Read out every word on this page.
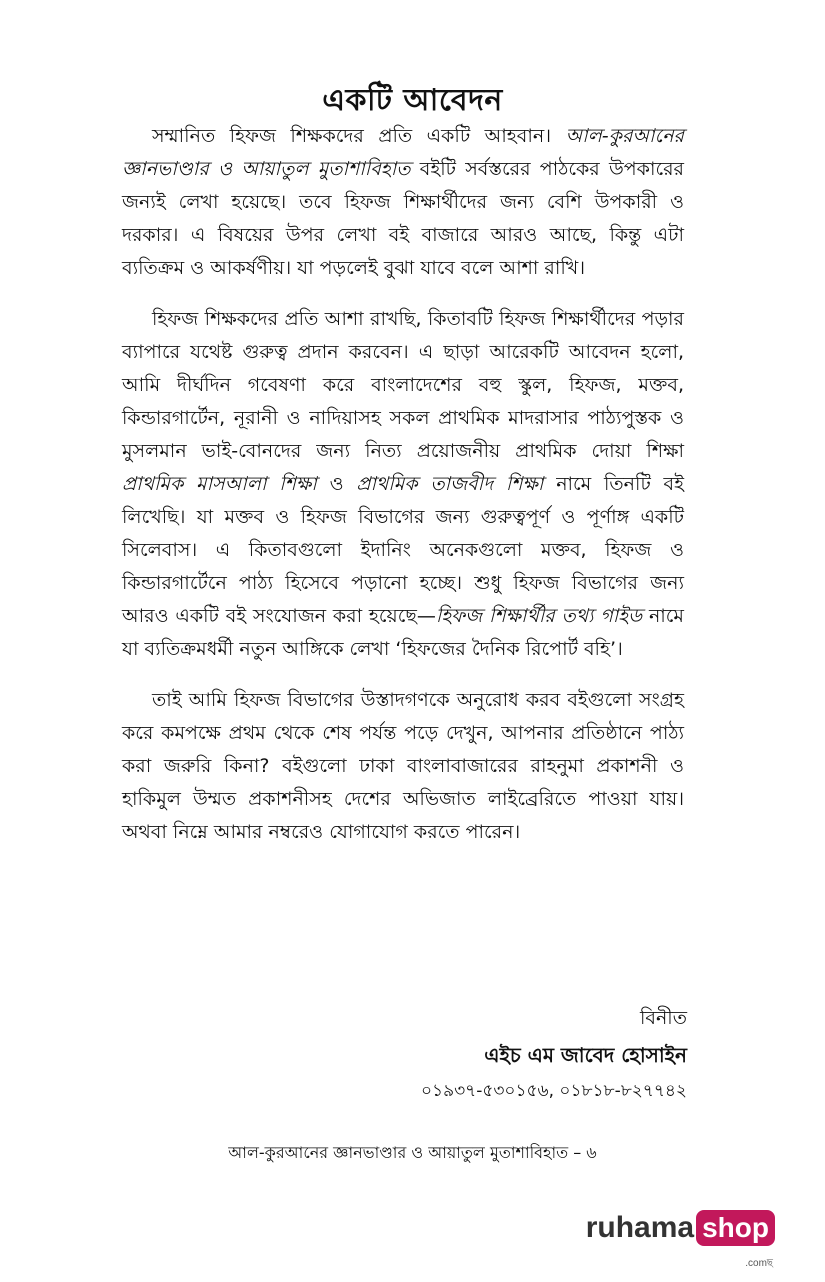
একটি আবেদন

সম্মানিত হিফজ শিক্ষকদের প্রতি একটি আহবান। আল-কুরআনের জ্ঞানভাণ্ডার ও আয়াতুল মুতাশাবিহাত বইটি সর্বস্তরের পাঠকের উপকারের জন্যই লেখা হয়েছে। তবে হিফজ শিক্ষার্থীদের জন্য বেশি উপকারী ও দরকার। এ বিষয়ের উপর লেখা বই বাজারে আরও আছে, কিন্তু এটা ব্যতিক্রম ও আকর্ষণীয়। যা পড়লেই বুঝা যাবে বলে আশা রাখি।

হিফজ শিক্ষকদের প্রতি আশা রাখছি, কিতাবটি হিফজ শিক্ষার্থীদের পড়ার ব্যাপারে যথেষ্ট গুরুত্ব প্রদান করবেন। এ ছাড়া আরেকটি আবেদন হলো, আমি দীর্ঘদিন গবেষণা করে বাংলাদেশের বহু স্কুল, হিফজ, মক্তব, কিন্ডারগার্টেন, নূরানী ও নাদিয়াসহ সকল প্রাথমিক মাদরাসার পাঠ্যপুস্তক ও মুসলমান ভাই-বোনদের জন্য নিত্য প্রয়োজনীয় প্রাথমিক দোয়া শিক্ষা প্রাথমিক মাসআলা শিক্ষা ও প্রাথমিক তাজবীদ শিক্ষা নামে তিনটি বই লিখেছি। যা মক্তব ও হিফজ বিভাগের জন্য গুরুত্বপূর্ণ ও পূর্ণাঙ্গ একটি সিলেবাস। এ কিতাবগুলো ইদানিং অনেকগুলো মক্তব, হিফজ ও কিন্ডারগার্টেনে পাঠ্য হিসেবে পড়ানো হচ্ছে। শুধু হিফজ বিভাগের জন্য আরও একটি বই সংযোজন করা হয়েছে—হিফজ শিক্ষার্থীর তথ্য গাইড নামে যা ব্যতিক্রমধর্মী নতুন আঙ্গিকে লেখা ‘হিফজের দৈনিক রিপোর্ট বহি’।

তাই আমি হিফজ বিভাগের উস্তাদগণকে অনুরোধ করব বইগুলো সংগ্রহ করে কমপক্ষে প্রথম থেকে শেষ পর্যন্ত পড়ে দেখুন, আপনার প্রতিষ্ঠানে পাঠ্য করা জরুরি কিনা? বইগুলো ঢাকা বাংলাবাজারের রাহনুমা প্রকাশনী ও হাকিমুল উম্মত প্রকাশনীসহ দেশের অভিজাত লাইব্রেরিতে পাওয়া যায়। অথবা নিম্নে আমার নম্বরেও যোগাযোগ করতে পারেন।

বিনীত
এইচ এম জাবেদ হোসাইন
০১৯৩৭-৫৩০১৫৬, ০১৮১৮-৮২৭৭৪২
আল-কুরআনের জ্ঞানভাণ্ডার ও আয়াতুল মুতাশাবিহাত – ৬
ruhama shop
.comছ
